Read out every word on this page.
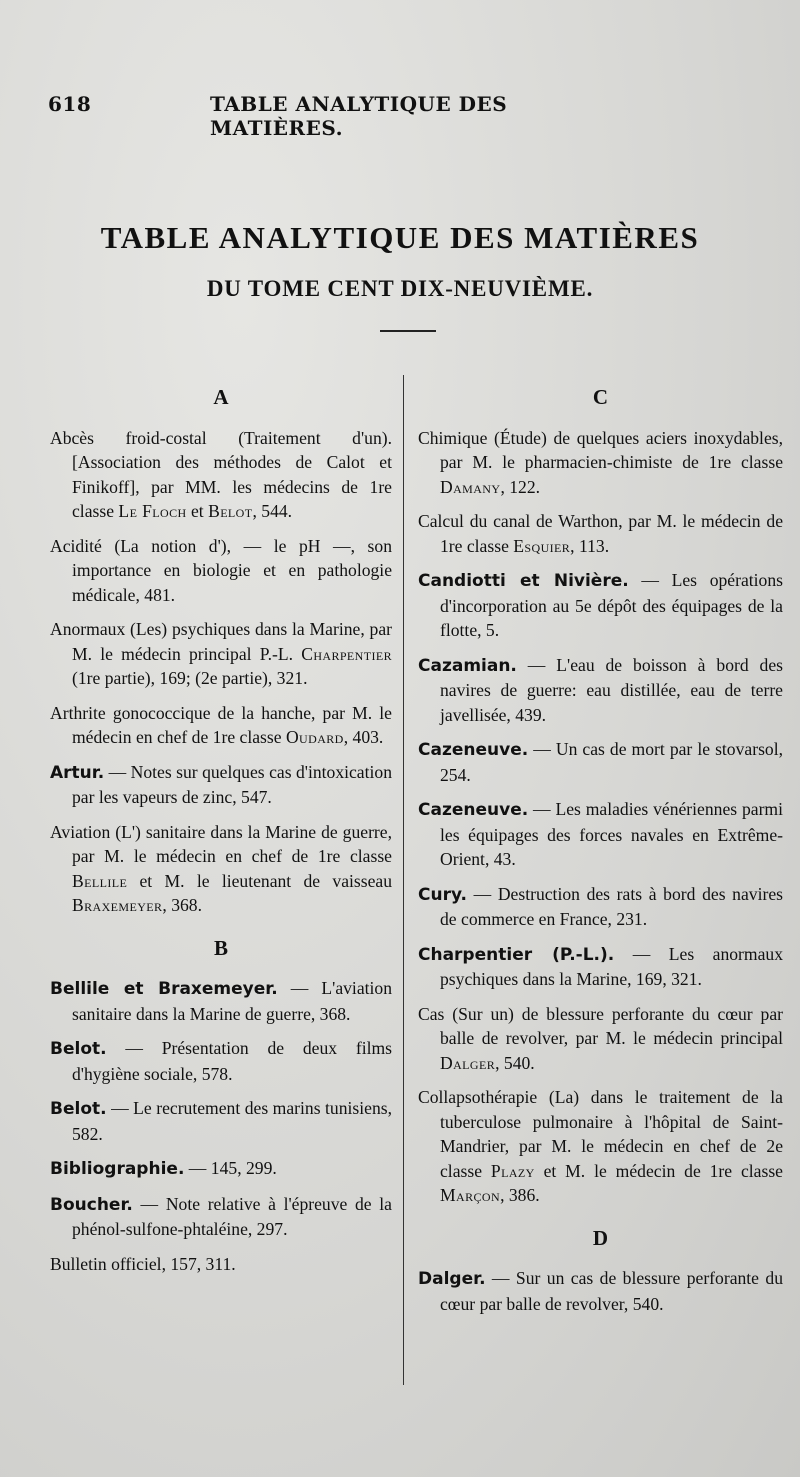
618	TABLE ANALYTIQUE DES MATIÈRES.
TABLE ANALYTIQUE DES MATIÈRES
DU TOME CENT DIX-NEUVIÈME.
A
Abcès froid-costal (Traitement d'un). [Association des méthodes de Calot et Finikoff], par MM. les médecins de 1re classe Le Floch et Belot, 544.
Acidité (La notion d'), — le pH —, son importance en biologie et en pathologie médicale, 481.
Anormaux (Les) psychiques dans la Marine, par M. le médecin principal P.-L. Charpentier (1re partie), 169; (2e partie), 321.
Arthrite gonococcique de la hanche, par M. le médecin en chef de 1re classe Oudard, 403.
Artur. — Notes sur quelques cas d'intoxication par les vapeurs de zinc, 547.
Aviation (L') sanitaire dans la Marine de guerre, par M. le médecin en chef de 1re classe Bellile et M. le lieutenant de vaisseau Braxemeyer, 368.
B
Bellile et Braxemeyer. — L'aviation sanitaire dans la Marine de guerre, 368.
Belot. — Présentation de deux films d'hygiène sociale, 578.
Belot. — Le recrutement des marins tunisiens, 582.
Bibliographie. — 145, 299.
Boucher. — Note relative à l'épreuve de la phénol-sulfone-phtaléine, 297.
Bulletin officiel, 157, 311.
C
Chimique (Étude) de quelques aciers inoxydables, par M. le pharmacien-chimiste de 1re classe Damany, 122.
Calcul du canal de Warthon, par M. le médecin de 1re classe Esquier, 113.
Candiotti et Nivière. — Les opérations d'incorporation au 5e dépôt des équipages de la flotte, 5.
Cazamian. — L'eau de boisson à bord des navires de guerre: eau distillée, eau de terre javellisée, 439.
Cazeneuve. — Un cas de mort par le stovarsol, 254.
Cazeneuve. — Les maladies vénériennes parmi les équipages des forces navales en Extrême-Orient, 43.
Cury. — Destruction des rats à bord des navires de commerce en France, 231.
Charpentier (P.-L.). — Les anormaux psychiques dans la Marine, 169, 321.
Cas (Sur un) de blessure perforante du cœur par balle de revolver, par M. le médecin principal Dalger, 540.
Collapsothérapie (La) dans le traitement de la tuberculose pulmonaire à l'hôpital de Saint-Mandrier, par M. le médecin en chef de 2e classe Plazy et M. le médecin de 1re classe Marçon, 386.
D
Dalger. — Sur un cas de blessure perforante du cœur par balle de revolver, 540.
